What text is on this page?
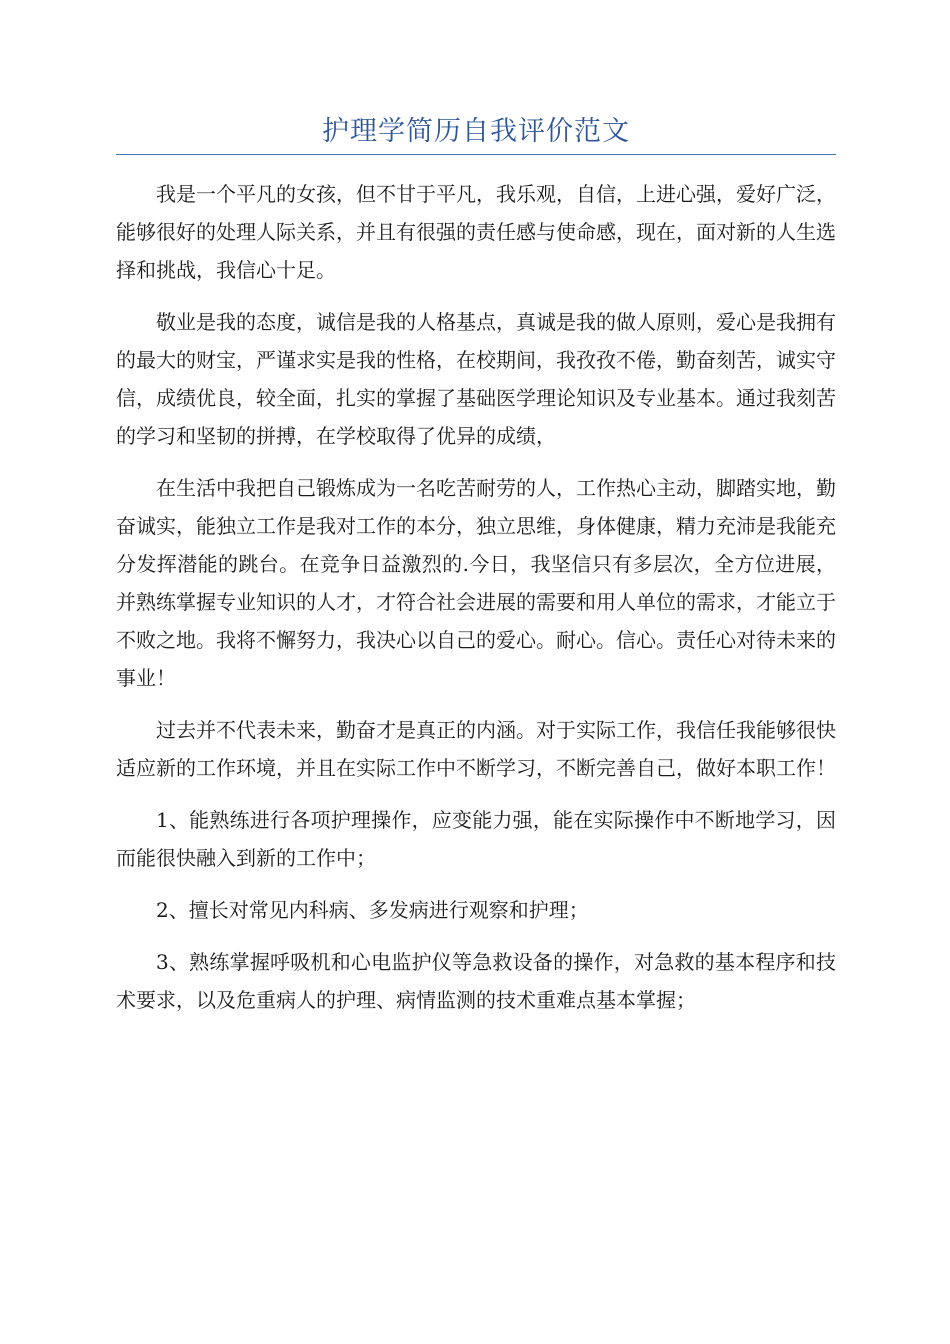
护理学简历自我评价范文

我是一个平凡的女孩，但不甘于平凡，我乐观，自信，上进心强，爱好广泛，能够很好的处理人际关系，并且有很强的责任感与使命感，现在，面对新的人生选择和挑战，我信心十足。

敬业是我的态度，诚信是我的人格基点，真诚是我的做人原则，爱心是我拥有的最大的财宝，严谨求实是我的性格，在校期间，我孜孜不倦，勤奋刻苦，诚实守信，成绩优良，较全面，扎实的掌握了基础医学理论知识及专业基本。通过我刻苦的学习和坚韧的拼搏，在学校取得了优异的成绩，

在生活中我把自己锻炼成为一名吃苦耐劳的人，工作热心主动，脚踏实地，勤奋诚实，能独立工作是我对工作的本分，独立思维，身体健康，精力充沛是我能充分发挥潜能的跳台。在竞争日益激烈的.今日，我坚信只有多层次，全方位进展，并熟练掌握专业知识的人才，才符合社会进展的需要和用人单位的需求，才能立于不败之地。我将不懈努力，我决心以自己的爱心。耐心。信心。责任心对待未来的事业！

过去并不代表未来，勤奋才是真正的内涵。对于实际工作，我信任我能够很快适应新的工作环境，并且在实际工作中不断学习，不断完善自己，做好本职工作！

1、能熟练进行各项护理操作，应变能力强，能在实际操作中不断地学习，因而能很快融入到新的工作中；

2、擅长对常见内科病、多发病进行观察和护理；

3、熟练掌握呼吸机和心电监护仪等急救设备的操作，对急救的基本程序和技术要求，以及危重病人的护理、病情监测的技术重难点基本掌握；
